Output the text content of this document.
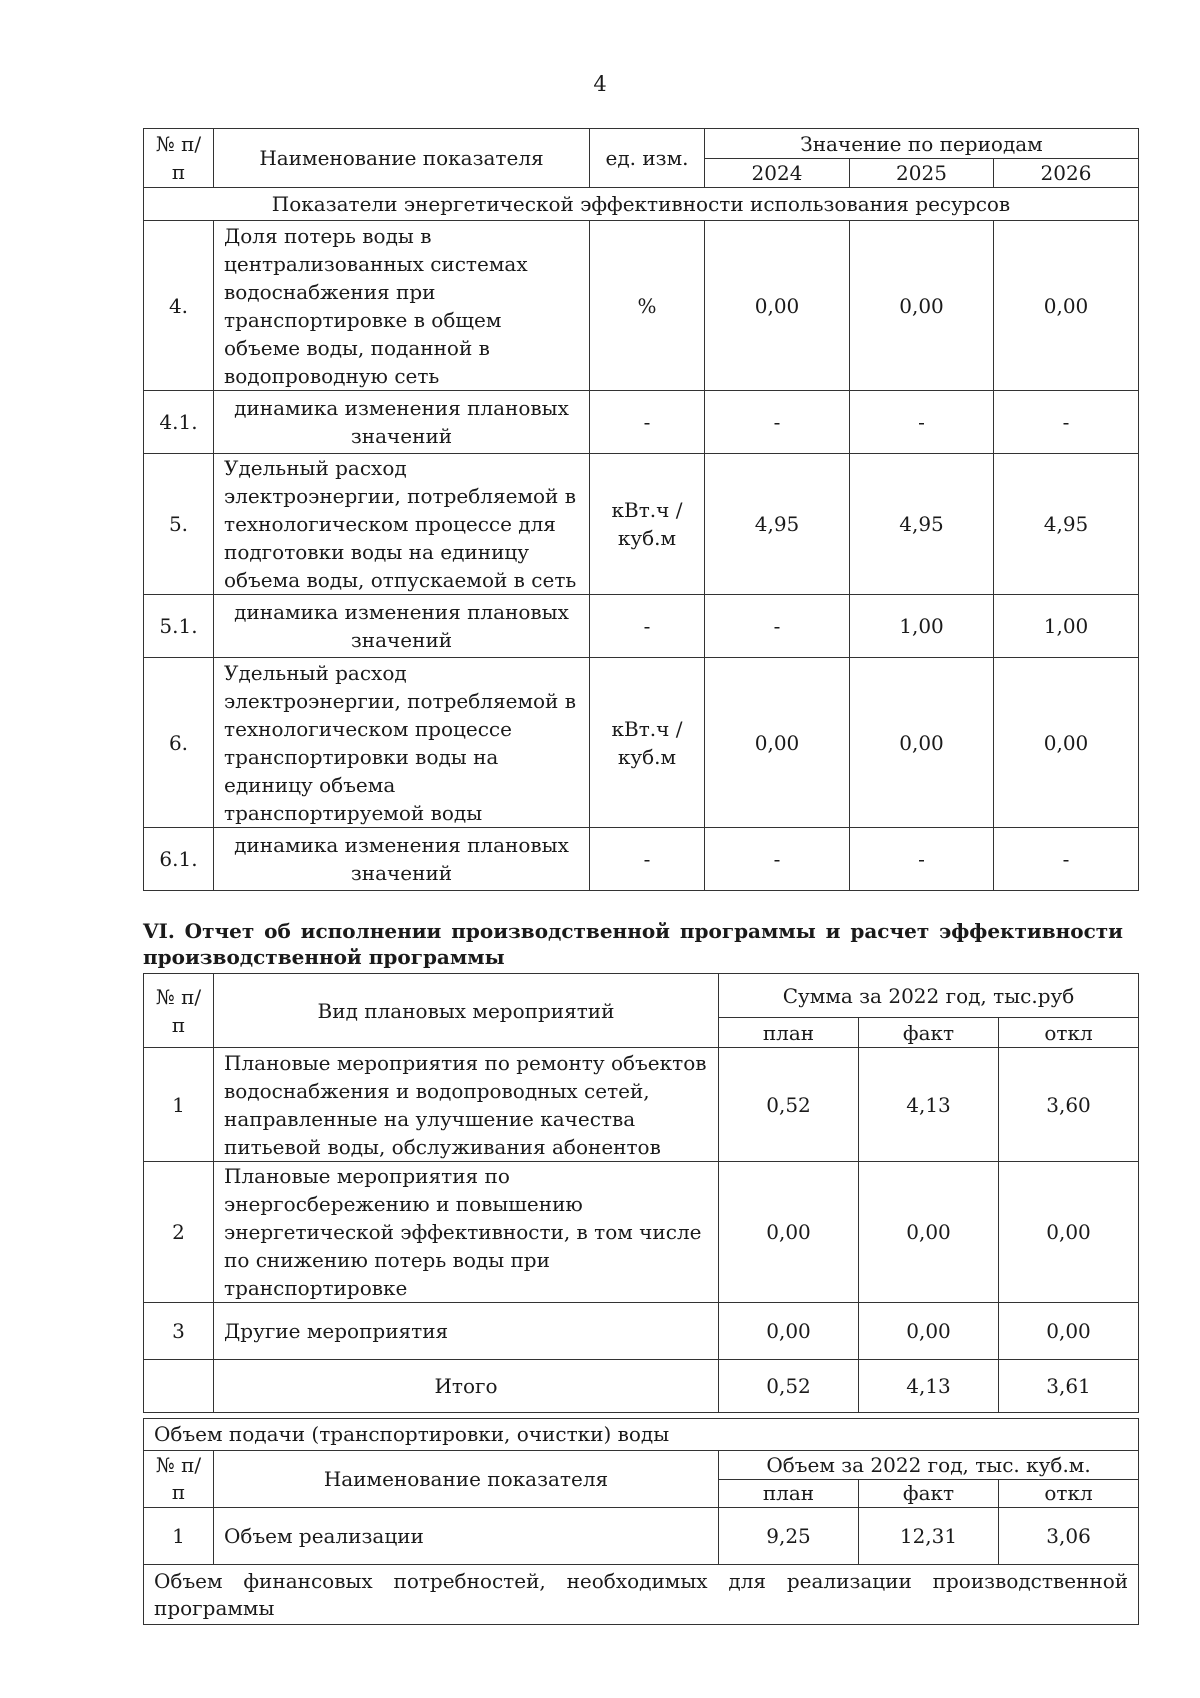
4
№ п/п	Наименование показателя	ед. изм.	Значение по периодам		
			2024	2025	2026
Показатели энергетической эффективности использования ресурсов					
4.	Доля потерь воды в централизованных системах водоснабжения при транспортировке в общем объеме воды, поданной в водопроводную сеть	%	0,00	0,00	0,00
4.1.	динамика изменения плановых значений	-	-	-	-
5.	Удельный расход электроэнергии, потребляемой в технологическом процессе для подготовки воды на единицу объема воды, отпускаемой в сеть	кВт.ч / куб.м	4,95	4,95	4,95
5.1.	динамика изменения плановых значений	-	-	1,00	1,00
6.	Удельный расход электроэнергии, потребляемой в технологическом процессе транспортировки воды на единицу объема транспортируемой воды	кВт.ч / куб.м	0,00	0,00	0,00
6.1.	динамика изменения плановых значений	-	-	-	-
VI. Отчет об исполнении производственной программы и расчет эффективности производственной программы
№ п/п	Вид плановых мероприятий	Сумма за 2022 год, тыс.руб		
		план	факт	откл
1	Плановые мероприятия по ремонту объектов водоснабжения и водопроводных сетей, направленные на улучшение качества питьевой воды, обслуживания абонентов	0,52	4,13	3,60
2	Плановые мероприятия по энергосбережению и повышению энергетической эффективности, в том числе по снижению потерь воды при транспортировке	0,00	0,00	0,00
3	Другие мероприятия	0,00	0,00	0,00
	Итого	0,52	4,13	3,61
Объем подачи (транспортировки, очистки) воды				
№ п/п	Наименование показателя	Объем за 2022 год, тыс. куб.м.		
		план	факт	откл
1	Объем реализации	9,25	12,31	3,06
Объем финансовых потребностей, необходимых для реализации производственной программы				
